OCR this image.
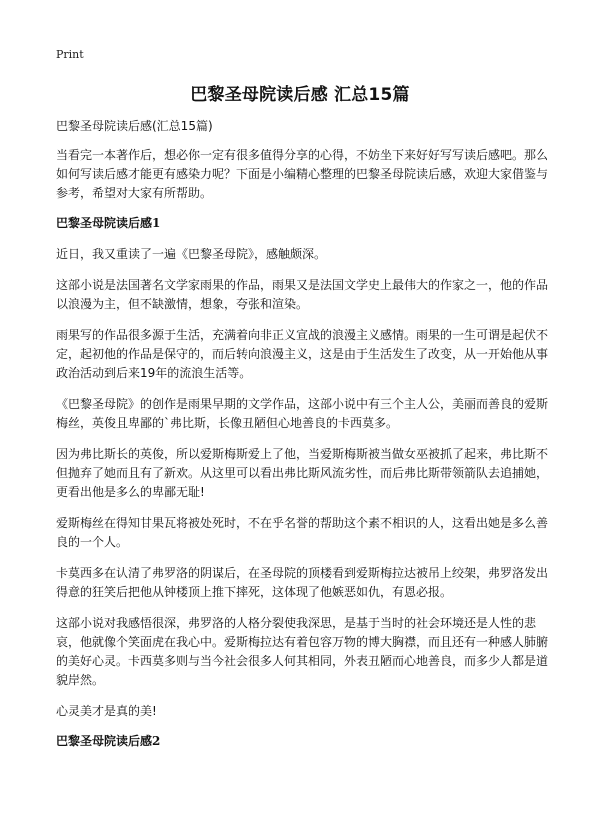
Print
巴黎圣母院读后感 汇总15篇
巴黎圣母院读后感(汇总15篇)

当看完一本著作后，想必你一定有很多值得分享的心得，不妨坐下来好好写写读后感吧。那么如何写读后感才能更有感染力呢？下面是小编精心整理的巴黎圣母院读后感，欢迎大家借鉴与参考，希望对大家有所帮助。

巴黎圣母院读后感1

近日，我又重读了一遍《巴黎圣母院》，感触颇深。

这部小说是法国著名文学家雨果的作品，雨果又是法国文学史上最伟大的作家之一，他的作品以浪漫为主，但不缺激情，想象，夸张和渲染。

雨果写的作品很多源于生活，充满着向非正义宣战的浪漫主义感情。雨果的一生可谓是起伏不定，起初他的作品是保守的，而后转向浪漫主义，这是由于生活发生了改变，从一开始他从事政治活动到后来19年的流浪生活等。

《巴黎圣母院》的创作是雨果早期的文学作品，这部小说中有三个主人公，美丽而善良的爱斯梅丝，英俊且卑鄙的`弗比斯，长像丑陋但心地善良的卡西莫多。

因为弗比斯长的英俊，所以爱斯梅斯爱上了他，当爱斯梅斯被当做女巫被抓了起来，弗比斯不但抛弃了她而且有了新欢。从这里可以看出弗比斯风流劣性，而后弗比斯带领箭队去追捕她，更看出他是多么的卑鄙无耻!

爱斯梅丝在得知甘果瓦将被处死时，不在乎名誉的帮助这个素不相识的人，这看出她是多么善良的一个人。

卡莫西多在认清了弗罗洛的阴谋后，在圣母院的顶楼看到爱斯梅拉达被吊上绞架，弗罗洛发出得意的狂笑后把他从钟楼顶上推下摔死，这体现了他嫉恶如仇，有恩必报。

这部小说对我感悟很深，弗罗洛的人格分裂使我深思，是基于当时的社会环境还是人性的悲哀，他就像个笑面虎在我心中。爱斯梅拉达有着包容万物的博大胸襟，而且还有一种感人肺腑的美好心灵。卡西莫多则与当今社会很多人何其相同，外表丑陋而心地善良，而多少人都是道貌岸然。

心灵美才是真的美!

巴黎圣母院读后感2
